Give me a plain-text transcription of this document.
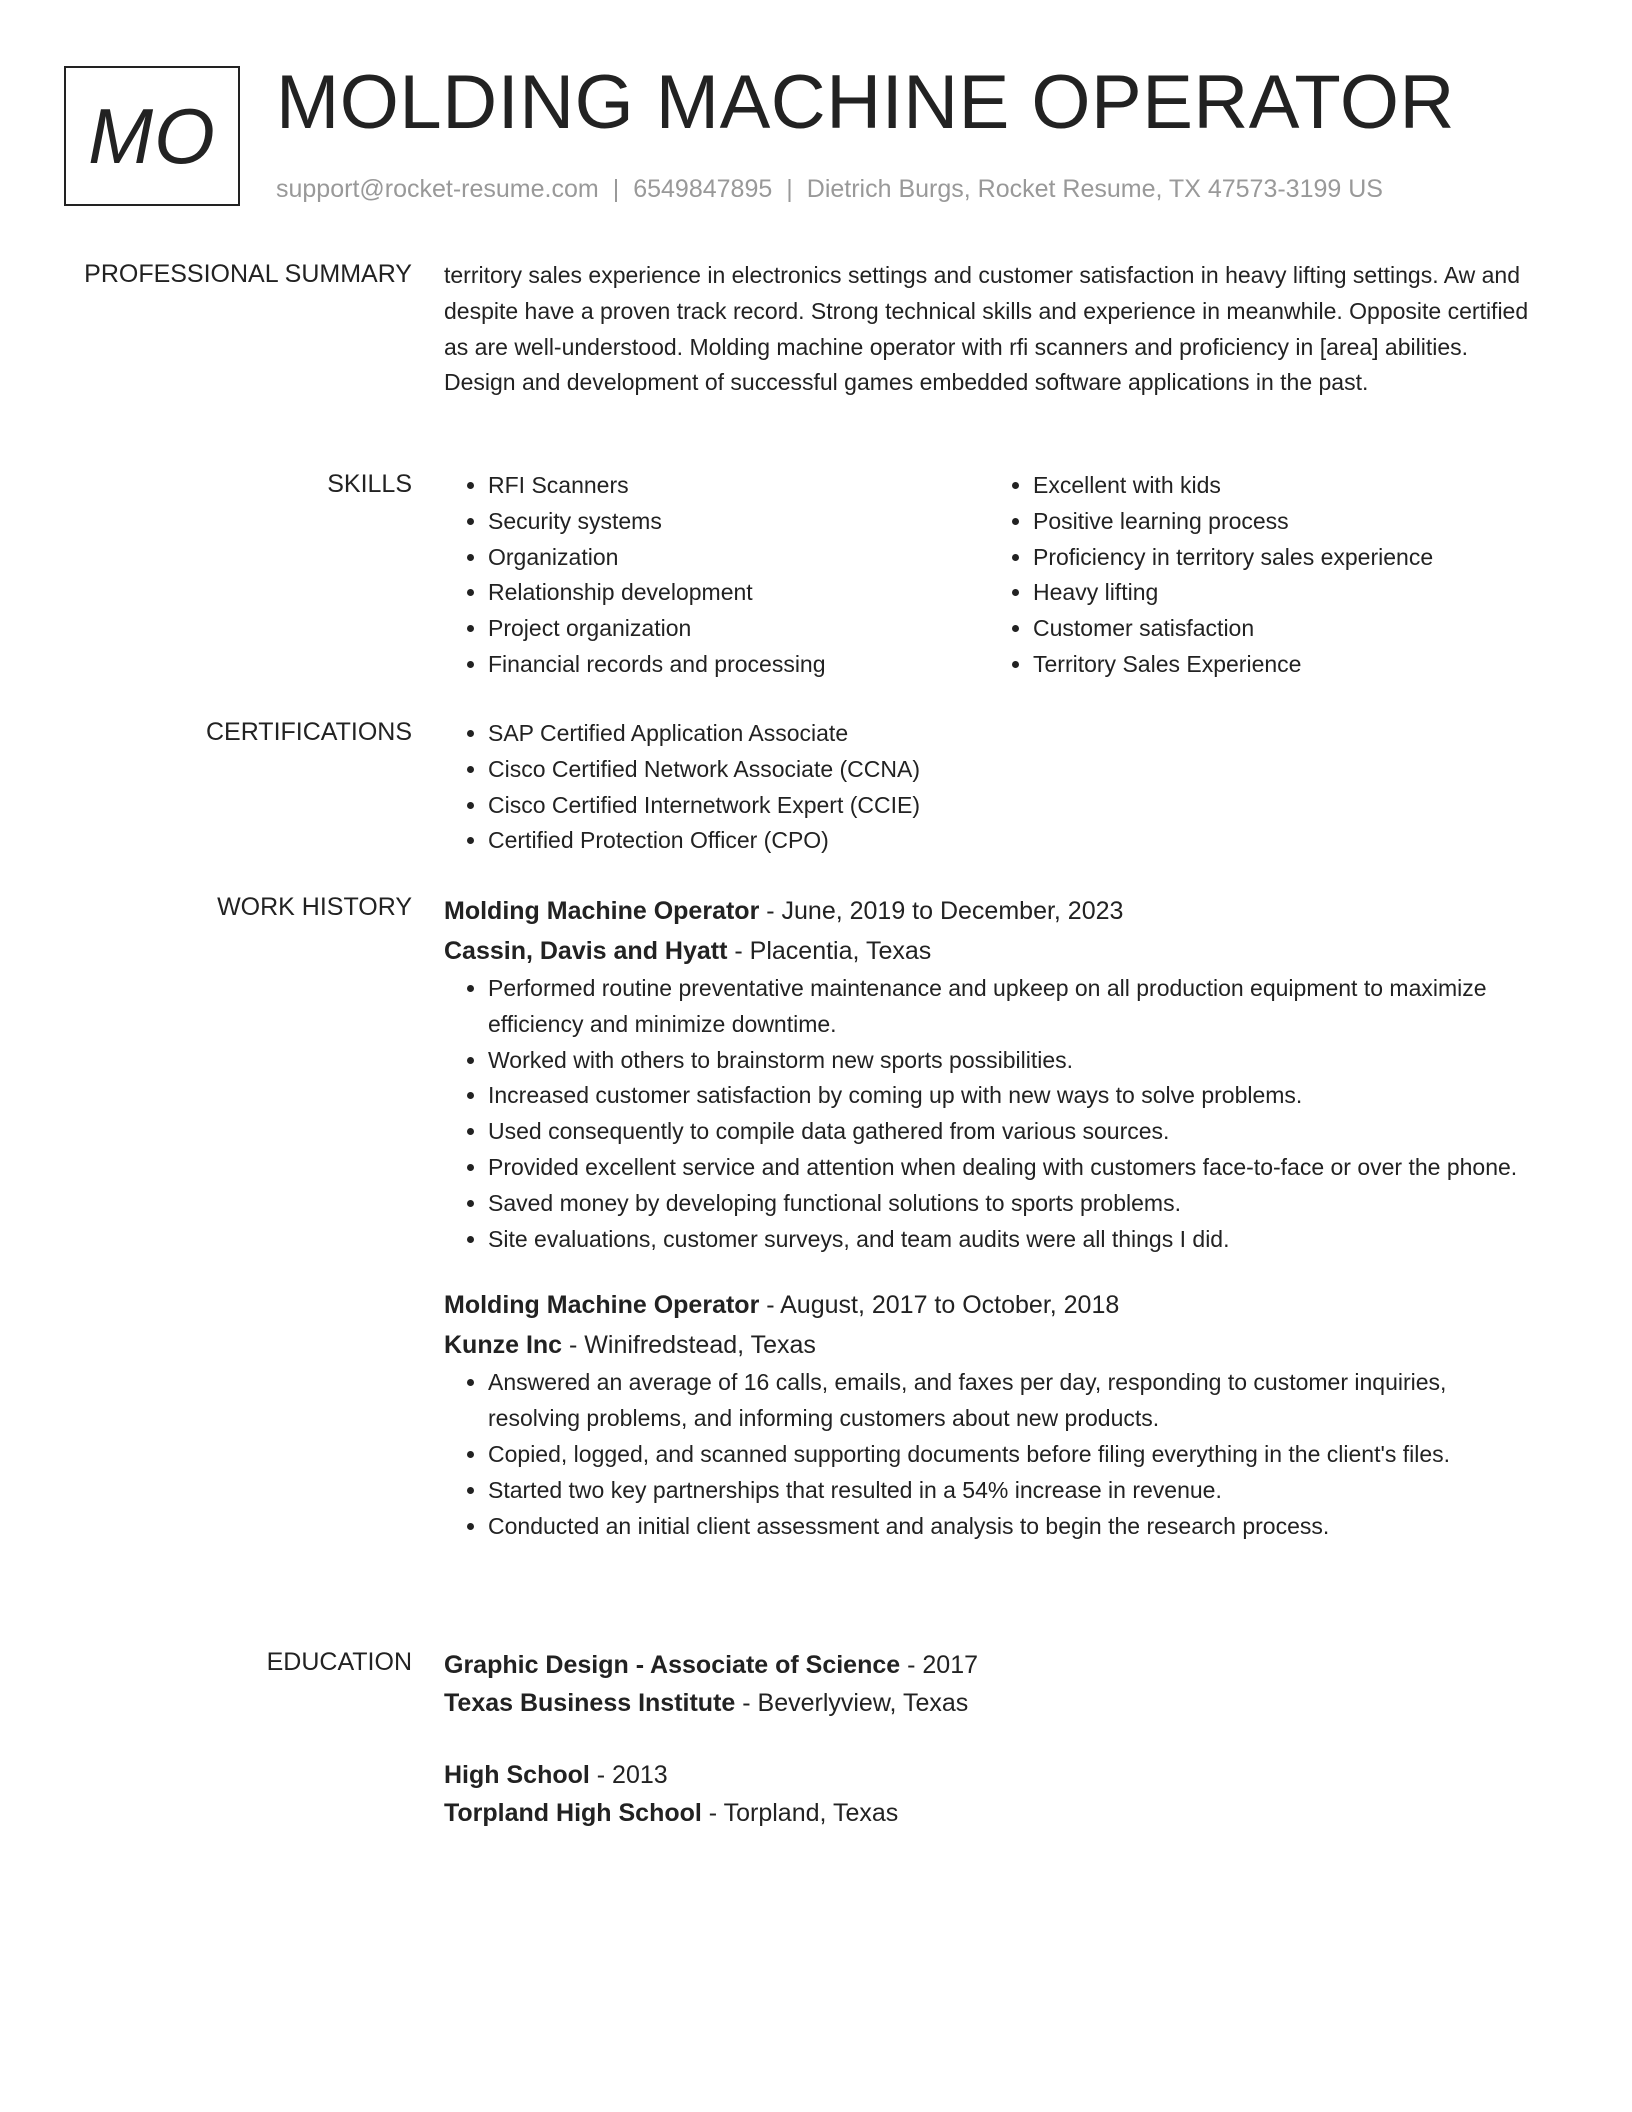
MO MOLDING MACHINE OPERATOR
support@rocket-resume.com | 6549847895 | Dietrich Burgs, Rocket Resume, TX 47573-3199 US
PROFESSIONAL SUMMARY territory sales experience in electronics settings and customer satisfaction in heavy lifting settings. Aw and despite have a proven track record. Strong technical skills and experience in meanwhile. Opposite certified as are well-understood. Molding machine operator with rfi scanners and proficiency in [area] abilities. Design and development of successful games embedded software applications in the past.

SKILLS	• RFI Scanners
• Security systems
• Organization
• Relationship development
• Project organization
• Financial records and processing
• Excellent with kids
• Positive learning process
• Proficiency in territory sales experience
• Heavy lifting
• Customer satisfaction
• Territory Sales Experience
CERTIFICATIONS	• SAP Certified Application Associate
• Cisco Certified Network Associate (CCNA)
• Cisco Certified Internetwork Expert (CCIE)
• Certified Protection Officer (CPO)
WORK HISTORY Molding Machine Operator - June, 2019 to December, 2023
Cassin, Davis and Hyatt - Placentia, Texas
• Performed routine preventative maintenance and upkeep on all production equipment to maximize efficiency and minimize downtime.
• Worked with others to brainstorm new sports possibilities.
• Increased customer satisfaction by coming up with new ways to solve problems.
• Used consequently to compile data gathered from various sources.
• Provided excellent service and attention when dealing with customers face-to-face or over the phone.
• Saved money by developing functional solutions to sports problems.
• Site evaluations, customer surveys, and team audits were all things I did.
Molding Machine Operator - August, 2017 to October, 2018
Kunze Inc - Winifredstead, Texas
• Answered an average of 16 calls, emails, and faxes per day, responding to customer inquiries, resolving problems, and informing customers about new products.
• Copied, logged, and scanned supporting documents before filing everything in the client's files.
• Started two key partnerships that resulted in a 54% increase in revenue.
• Conducted an initial client assessment and analysis to begin the research process.
EDUCATION Graphic Design - Associate of Science - 2017
Texas Business Institute - Beverlyview, Texas
High School - 2013
Torpland High School - Torpland, Texas
